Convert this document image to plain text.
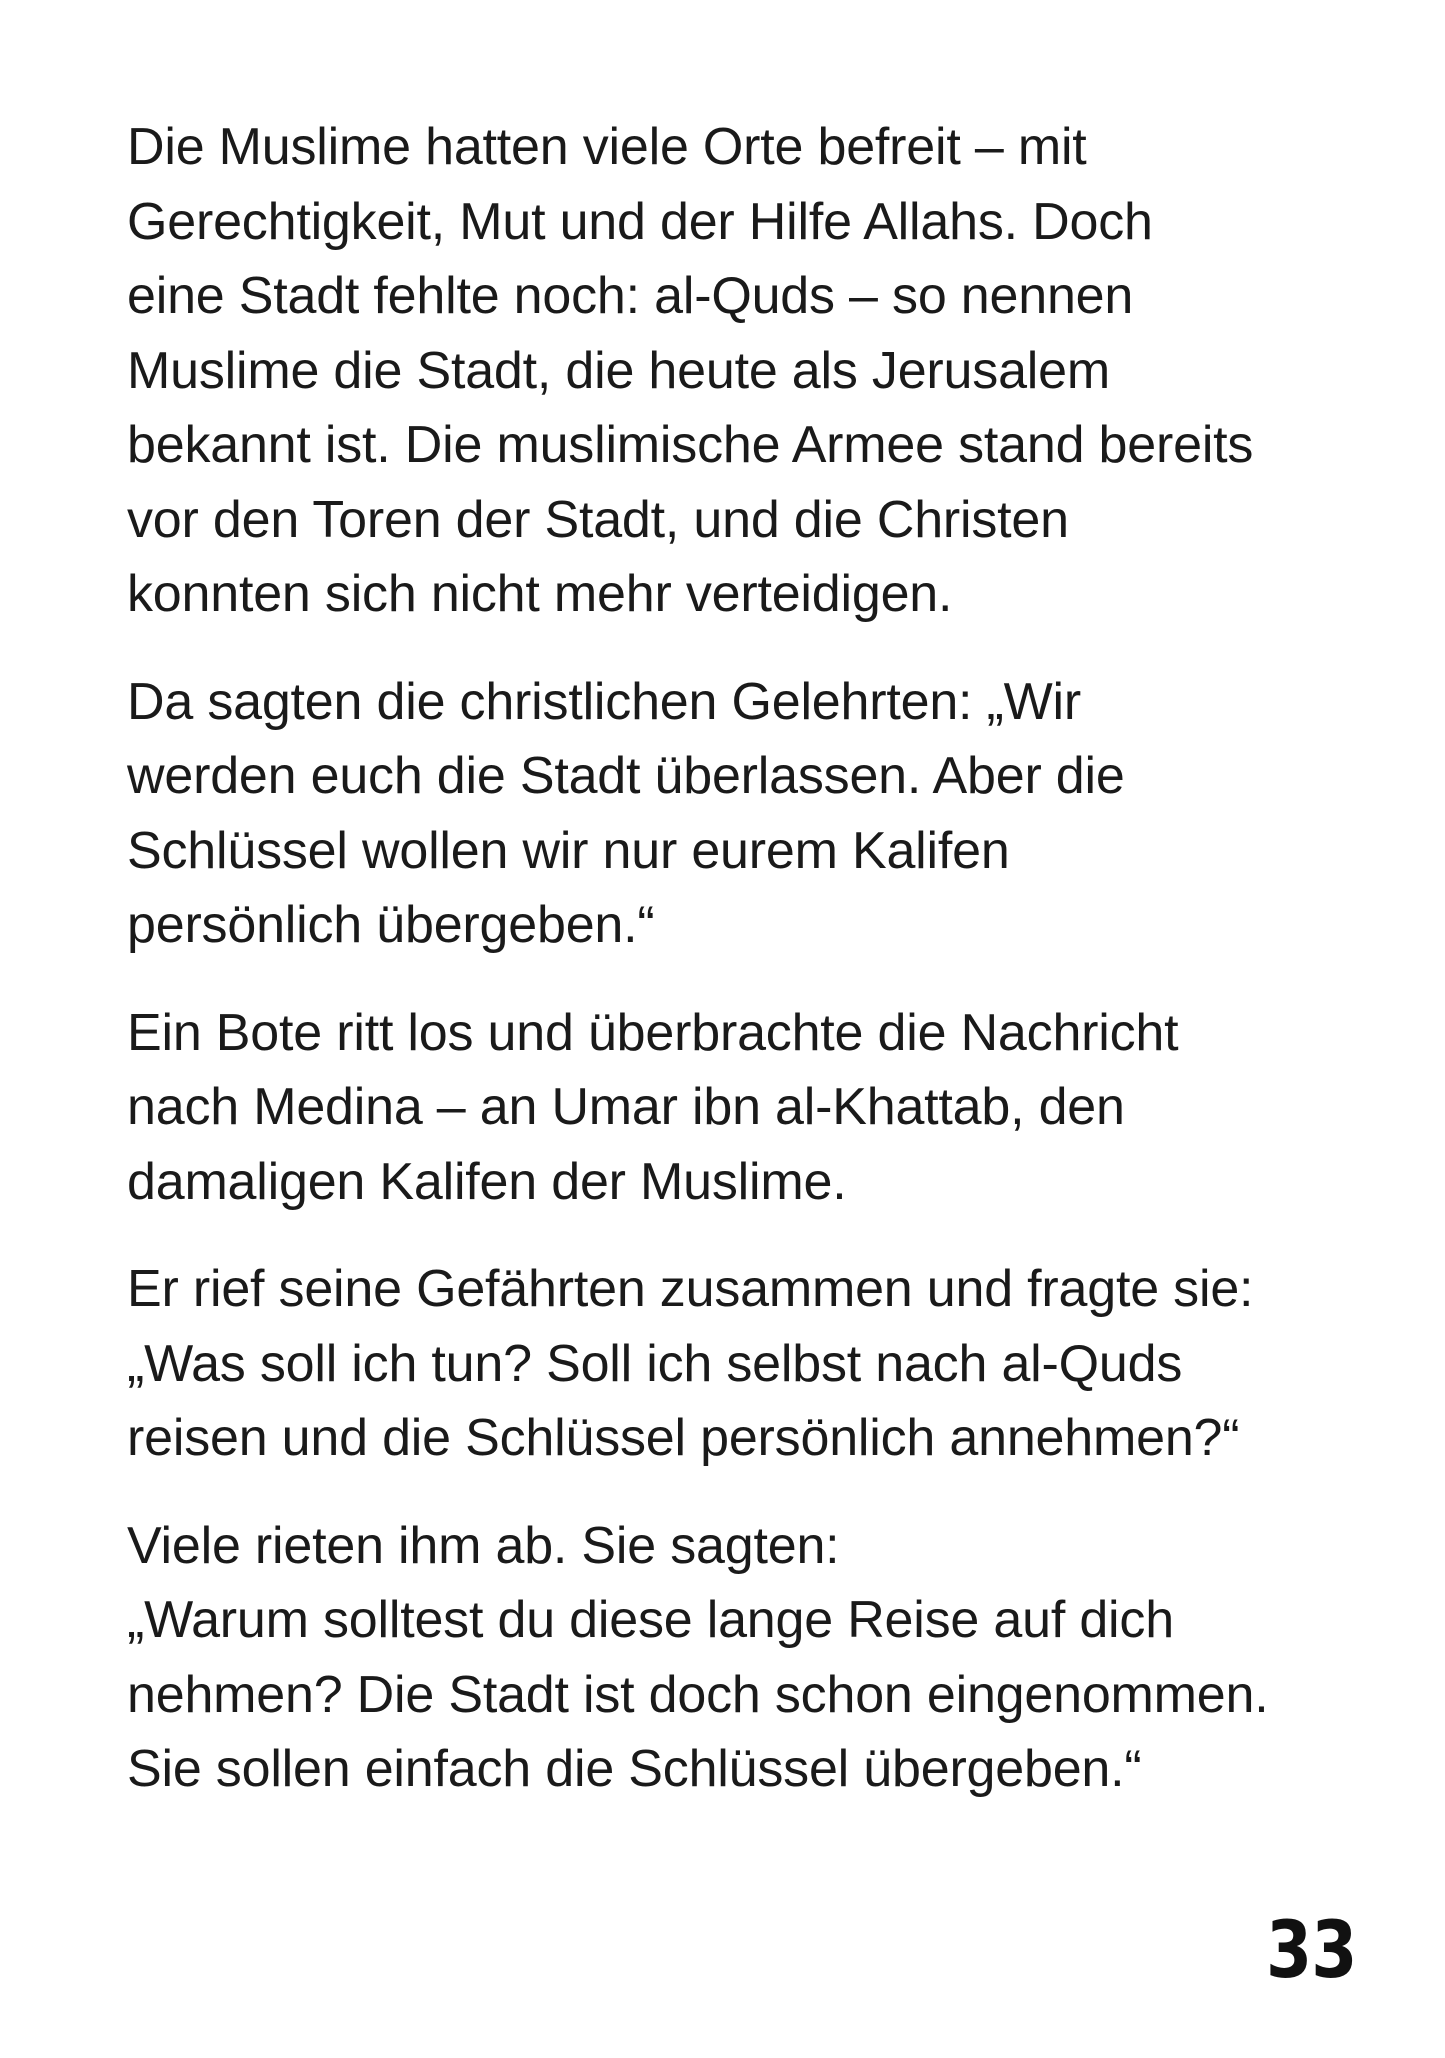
Die Muslime hatten viele Orte befreit – mit
Gerechtigkeit, Mut und der Hilfe Allahs. Doch
eine Stadt fehlte noch: al-Quds – so nennen
Muslime die Stadt, die heute als Jerusalem
bekannt ist. Die muslimische Armee stand bereits
vor den Toren der Stadt, und die Christen
konnten sich nicht mehr verteidigen.

Da sagten die christlichen Gelehrten: „Wir
werden euch die Stadt überlassen. Aber die
Schlüssel wollen wir nur eurem Kalifen
persönlich übergeben.“

Ein Bote ritt los und überbrachte die Nachricht
nach Medina – an Umar ibn al-Khattab, den
damaligen Kalifen der Muslime.

Er rief seine Gefährten zusammen und fragte sie:
„Was soll ich tun? Soll ich selbst nach al-Quds
reisen und die Schlüssel persönlich annehmen?“

Viele rieten ihm ab. Sie sagten:
„Warum solltest du diese lange Reise auf dich
nehmen? Die Stadt ist doch schon eingenommen.
Sie sollen einfach die Schlüssel übergeben.“

33
